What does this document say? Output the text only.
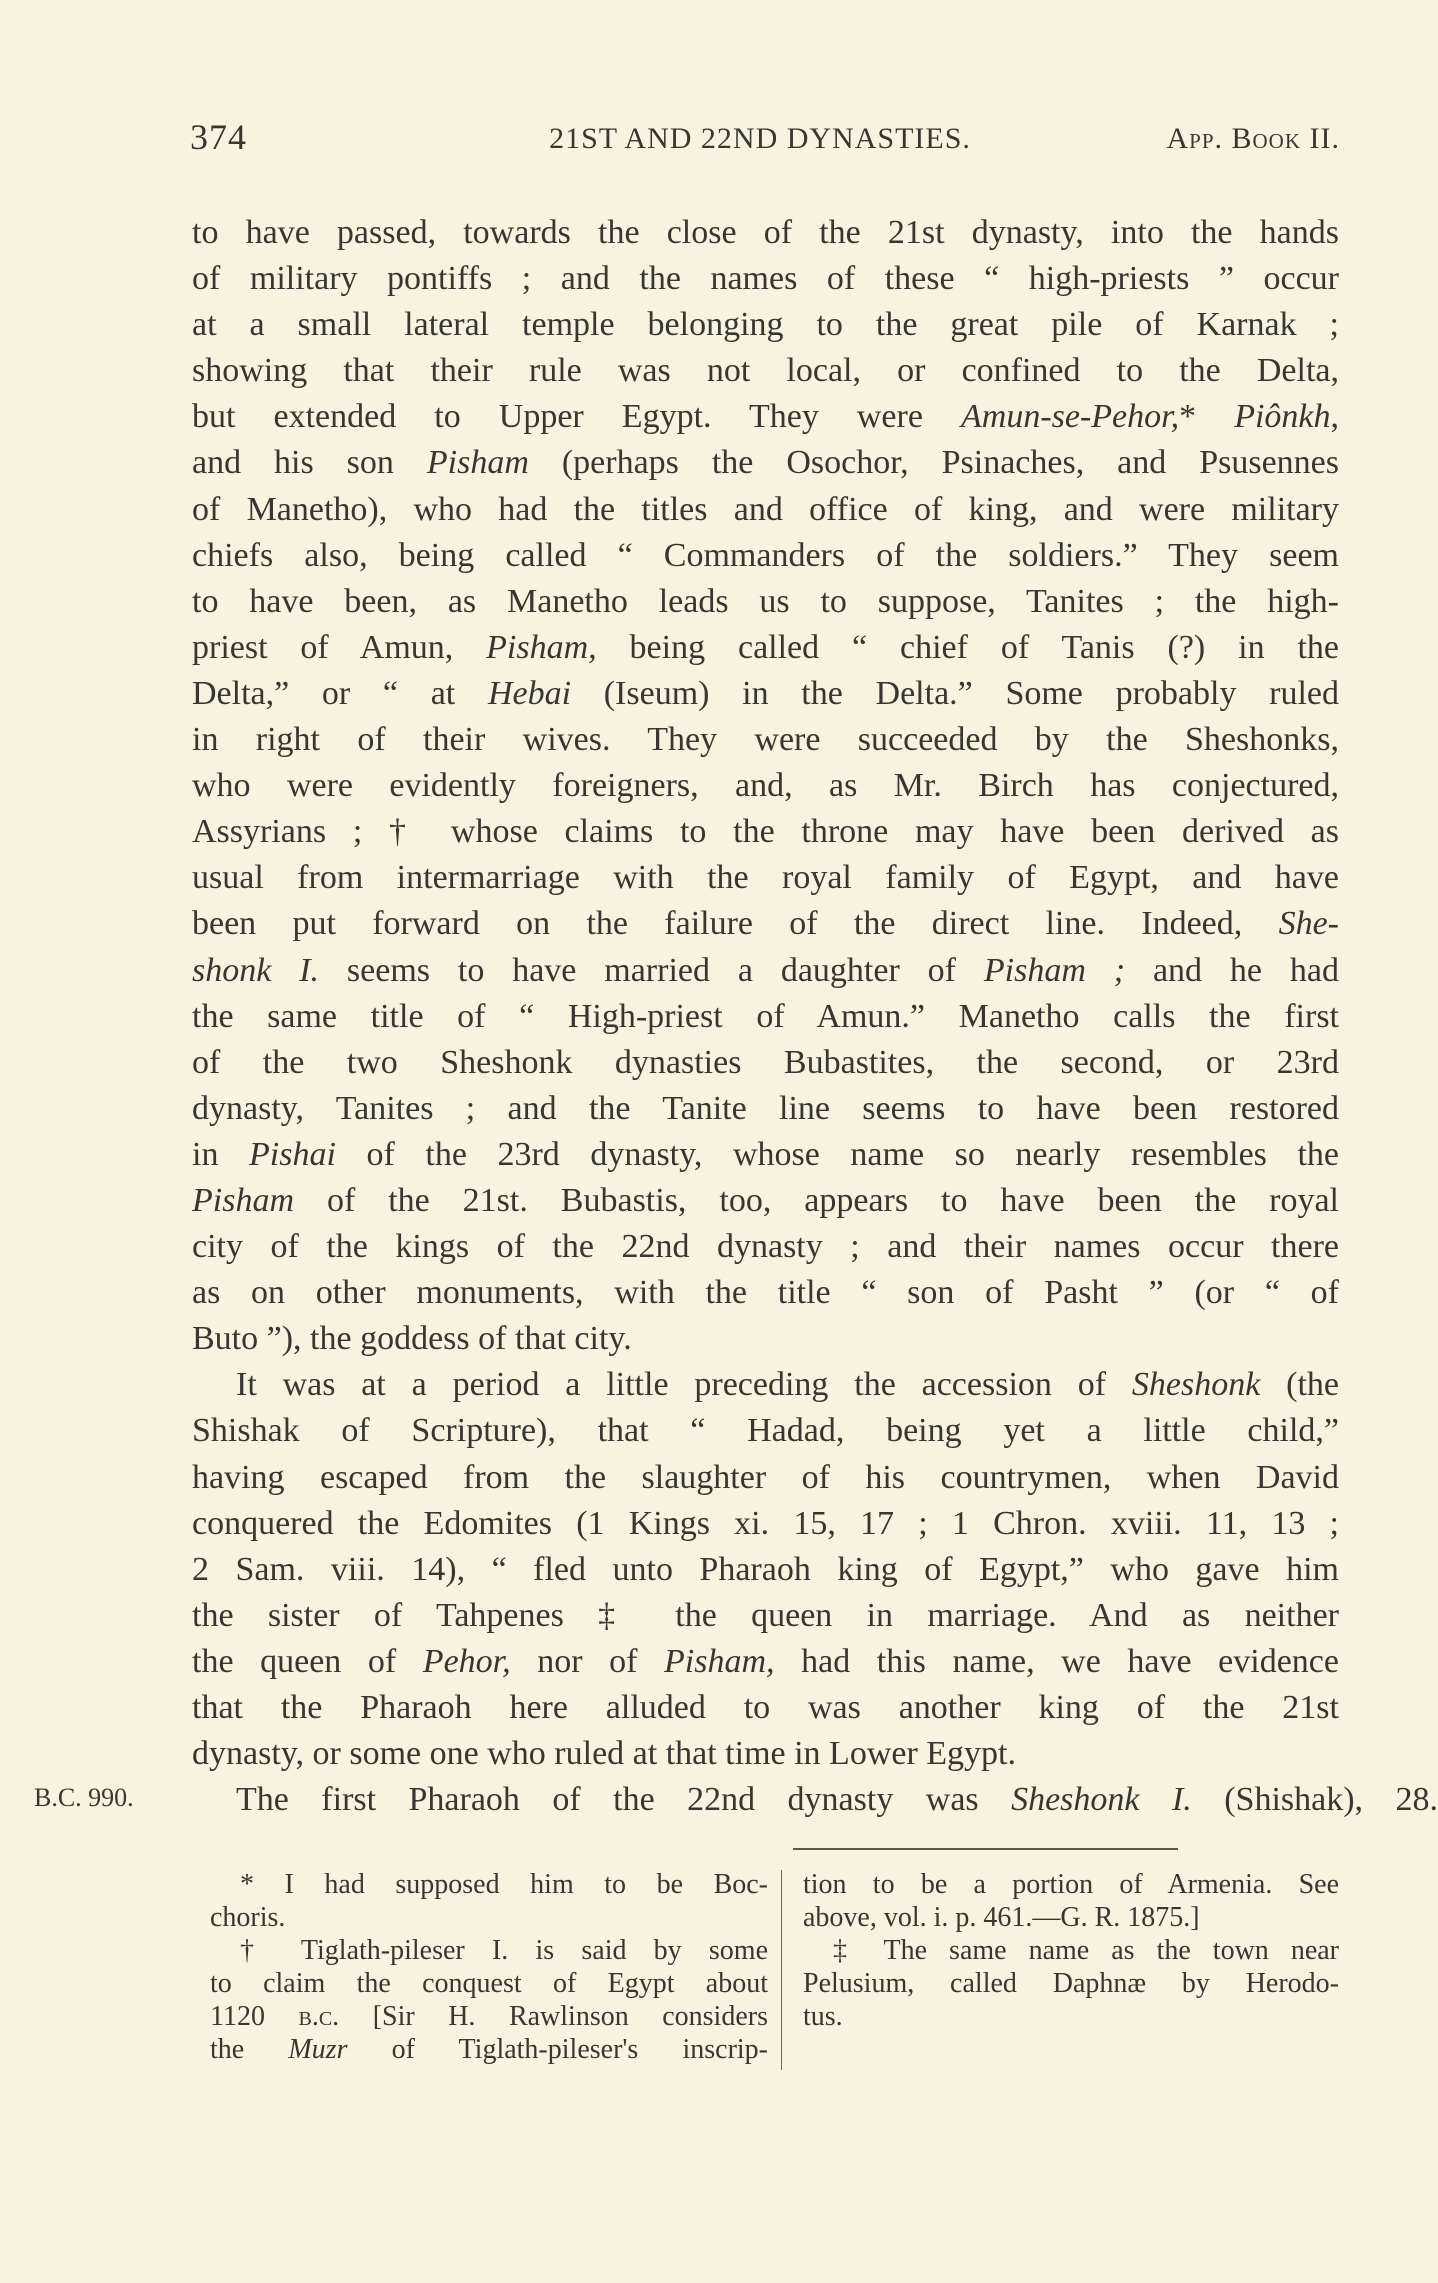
374	21ST AND 22ND DYNASTIES.	App. Book II.
to have passed, towards the close of the 21st dynasty, into the hands
of military pontiffs ; and the names of these “ high-priests ” occur
at a small lateral temple belonging to the great pile of Karnak ;
showing that their rule was not local, or confined to the Delta,
but extended to Upper Egypt. They were Amun-se-Pehor,* Piônkh,
and his son Pisham (perhaps the Osochor, Psinaches, and Psusennes
of Manetho), who had the titles and office of king, and were military
chiefs also, being called “ Commanders of the soldiers.” They seem
to have been, as Manetho leads us to suppose, Tanites ; the high-
priest of Amun, Pisham, being called “ chief of Tanis (?) in the
Delta,” or “ at Hebai (Iseum) in the Delta.” Some probably ruled
in right of their wives. They were succeeded by the Sheshonks,
who were evidently foreigners, and, as Mr. Birch has conjectured,
Assyrians ; † whose claims to the throne may have been derived as
usual from intermarriage with the royal family of Egypt, and have
been put forward on the failure of the direct line. Indeed, She-
shonk I. seems to have married a daughter of Pisham ; and he had
the same title of “ High-priest of Amun.” Manetho calls the first
of the two Sheshonk dynasties Bubastites, the second, or 23rd
dynasty, Tanites ; and the Tanite line seems to have been restored
in Pishai of the 23rd dynasty, whose name so nearly resembles the
Pisham of the 21st. Bubastis, too, appears to have been the royal
city of the kings of the 22nd dynasty ; and their names occur there
as on other monuments, with the title “ son of Pasht ” (or “ of
Buto ”), the goddess of that city.
It was at a period a little preceding the accession of Sheshonk (the
Shishak of Scripture), that “ Hadad, being yet a little child,”
having escaped from the slaughter of his countrymen, when David
conquered the Edomites (1 Kings xi. 15, 17 ; 1 Chron. xviii. 11, 13 ;
2 Sam. viii. 14), “ fled unto Pharaoh king of Egypt,” who gave him
the sister of Tahpenes ‡ the queen in marriage. And as neither
the queen of Pehor, nor of Pisham, had this name, we have evidence
that the Pharaoh here alluded to was another king of the 21st
dynasty, or some one who ruled at that time in Lower Egypt.
The first Pharaoh of the 22nd dynasty was Sheshonk I. (Shishak), 28.
B.C. 990.
* I had supposed him to be Boc-
choris.
† Tiglath-pileser I. is said by some
to claim the conquest of Egypt about
1120 b.c. [Sir H. Rawlinson considers
the Muzr of Tiglath-pileser's inscrip-
tion to be a portion of Armenia. See
above, vol. i. p. 461.—G. R. 1875.]
‡ The same name as the town near
Pelusium, called Daphnæ by Herodo-
tus.
